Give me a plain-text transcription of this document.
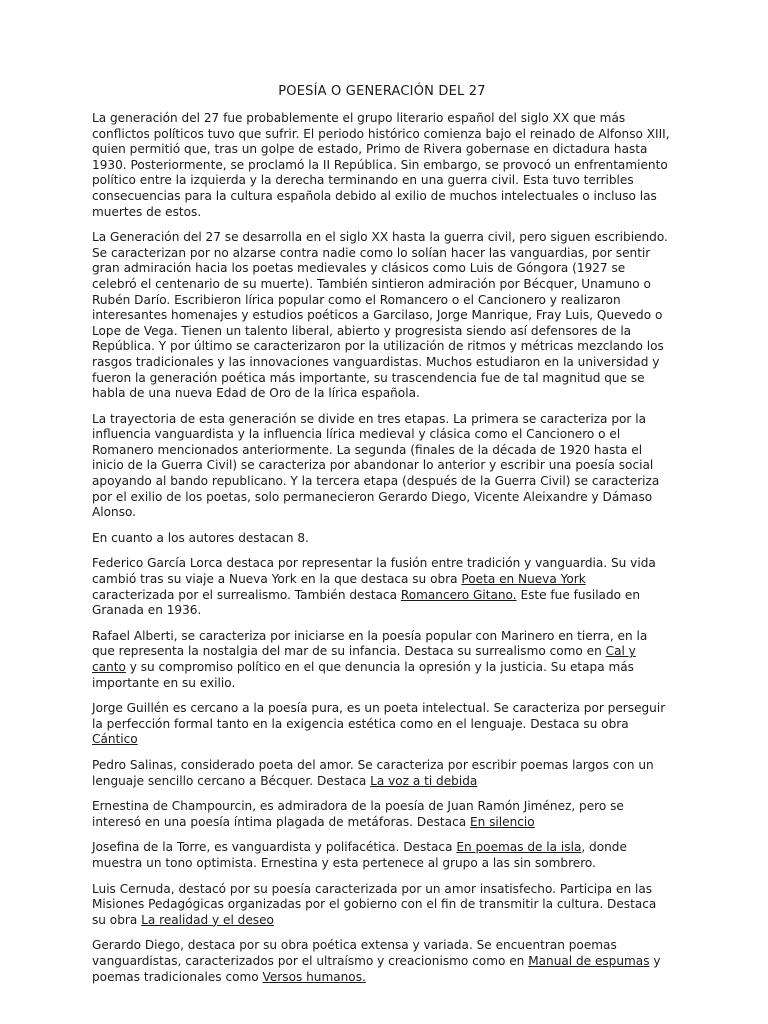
POESÍA O GENERACIÓN DEL 27

La generación del 27 fue probablemente el grupo literario español del siglo XX que más conflictos políticos tuvo que sufrir. El periodo histórico comienza bajo el reinado de Alfonso XIII, quien permitió que, tras un golpe de estado, Primo de Rivera gobernase en dictadura hasta 1930. Posteriormente, se proclamó la II República. Sin embargo, se provocó un enfrentamiento político entre la izquierda y la derecha terminando en una guerra civil. Esta tuvo terribles consecuencias para la cultura española debido al exilio de muchos intelectuales o incluso las muertes de estos.

La Generación del 27 se desarrolla en el siglo XX hasta la guerra civil, pero siguen escribiendo. Se caracterizan por no alzarse contra nadie como lo solían hacer las vanguardias, por sentir gran admiración hacia los poetas medievales y clásicos como Luis de Góngora (1927 se celebró el centenario de su muerte). También sintieron admiración por Bécquer, Unamuno o Rubén Darío. Escribieron lírica popular como el Romancero o el Cancionero y realizaron interesantes homenajes y estudios poéticos a Garcilaso, Jorge Manrique, Fray Luis, Quevedo o Lope de Vega. Tienen un talento liberal, abierto y progresista siendo así defensores de la República. Y por último se caracterizaron por la utilización de ritmos y métricas mezclando los rasgos tradicionales y las innovaciones vanguardistas. Muchos estudiaron en la universidad y fueron la generación poética más importante, su trascendencia fue de tal magnitud que se habla de una nueva Edad de Oro de la lírica española.

La trayectoria de esta generación se divide en tres etapas. La primera se caracteriza por la influencia vanguardista y la influencia lírica medieval y clásica como el Cancionero o el Romanero mencionados anteriormente. La segunda (finales de la década de 1920 hasta el inicio de la Guerra Civil) se caracteriza por abandonar lo anterior y escribir una poesía social apoyando al bando republicano. Y la tercera etapa (después de la Guerra Civil) se caracteriza por el exilio de los poetas, solo permanecieron Gerardo Diego, Vicente Aleixandre y Dámaso Alonso.

En cuanto a los autores destacan 8.

Federico García Lorca destaca por representar la fusión entre tradición y vanguardia. Su vida cambió tras su viaje a Nueva York en la que destaca su obra Poeta en Nueva York caracterizada por el surrealismo. También destaca Romancero Gitano. Este fue fusilado en Granada en 1936.

Rafael Alberti, se caracteriza por iniciarse en la poesía popular con Marinero en tierra, en la que representa la nostalgia del mar de su infancia. Destaca su surrealismo como en Cal y canto y su compromiso político en el que denuncia la opresión y la justicia. Su etapa más importante en su exilio.

Jorge Guillén es cercano a la poesía pura, es un poeta intelectual. Se caracteriza por perseguir la perfección formal tanto en la exigencia estética como en el lenguaje. Destaca su obra Cántico

Pedro Salinas, considerado poeta del amor. Se caracteriza por escribir poemas largos con un lenguaje sencillo cercano a Bécquer. Destaca La voz a ti debida

Ernestina de Champourcin, es admiradora de la poesía de Juan Ramón Jiménez, pero se interesó en una poesía íntima plagada de metáforas. Destaca En silencio

Josefina de la Torre, es vanguardista y polifacética. Destaca En poemas de la isla, donde muestra un tono optimista. Ernestina y esta pertenece al grupo a las sin sombrero.

Luis Cernuda, destacó por su poesía caracterizada por un amor insatisfecho. Participa en las Misiones Pedagógicas organizadas por el gobierno con el fin de transmitir la cultura. Destaca su obra La realidad y el deseo

Gerardo Diego, destaca por su obra poética extensa y variada. Se encuentran poemas vanguardistas, caracterizados por el ultraísmo y creacionismo como en Manual de espumas y poemas tradicionales como Versos humanos.
